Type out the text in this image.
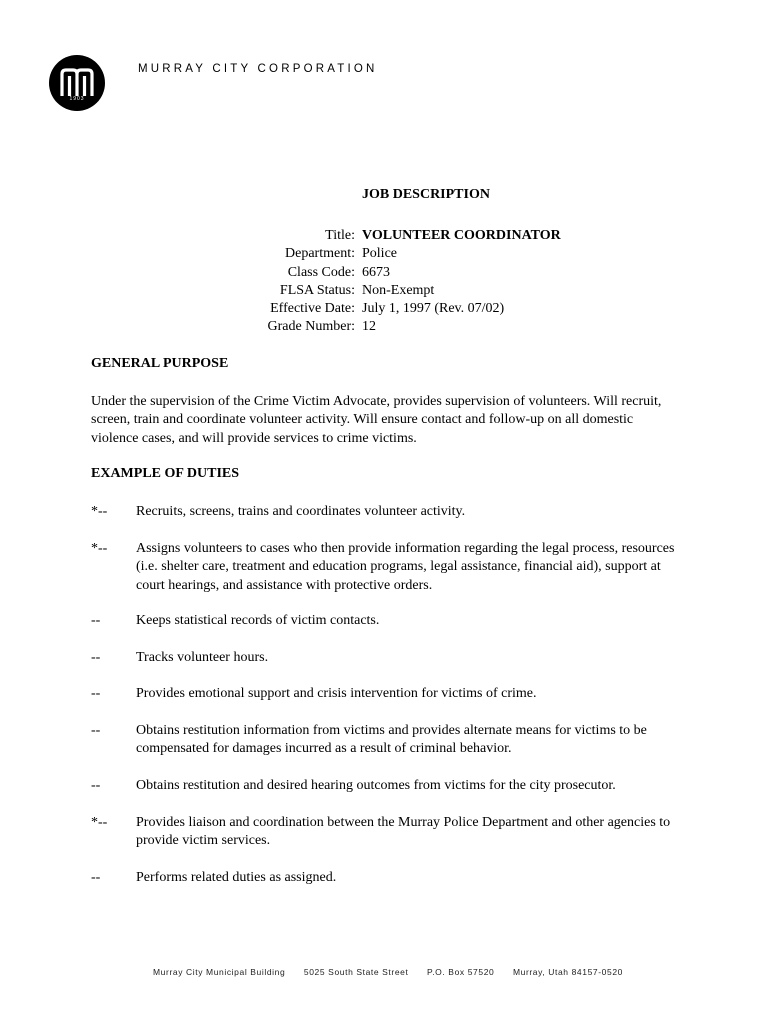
1903
MURRAY CITY CORPORATION
JOB DESCRIPTION
Title: VOLUNTEER COORDINATOR
Department: Police
Class Code: 6673
FLSA Status: Non-Exempt
Effective Date: July 1, 1997 (Rev. 07/02)
Grade Number: 12
GENERAL PURPOSE
Under the supervision of the Crime Victim Advocate, provides supervision of volunteers. Will recruit, screen, train and coordinate volunteer activity. Will ensure contact and follow-up on all domestic violence cases, and will provide services to crime victims.
EXAMPLE OF DUTIES
*--	Recruits, screens, trains and coordinates volunteer activity.
*--	Assigns volunteers to cases who then provide information regarding the legal process, resources (i.e. shelter care, treatment and education programs, legal assistance, financial aid), support at court hearings, and assistance with protective orders.
--	Keeps statistical records of victim contacts.
--	Tracks volunteer hours.
--	Provides emotional support and crisis intervention for victims of crime.
--	Obtains restitution information from victims and provides alternate means for victims to be compensated for damages incurred as a result of criminal behavior.
--	Obtains restitution and desired hearing outcomes from victims for the city prosecutor.
*--	Provides liaison and coordination between the Murray Police Department and other agencies to provide victim services.
--	Performs related duties as assigned.
Murray City Municipal Building 5025 South State Street P.O. Box 57520 Murray, Utah 84157-0520
